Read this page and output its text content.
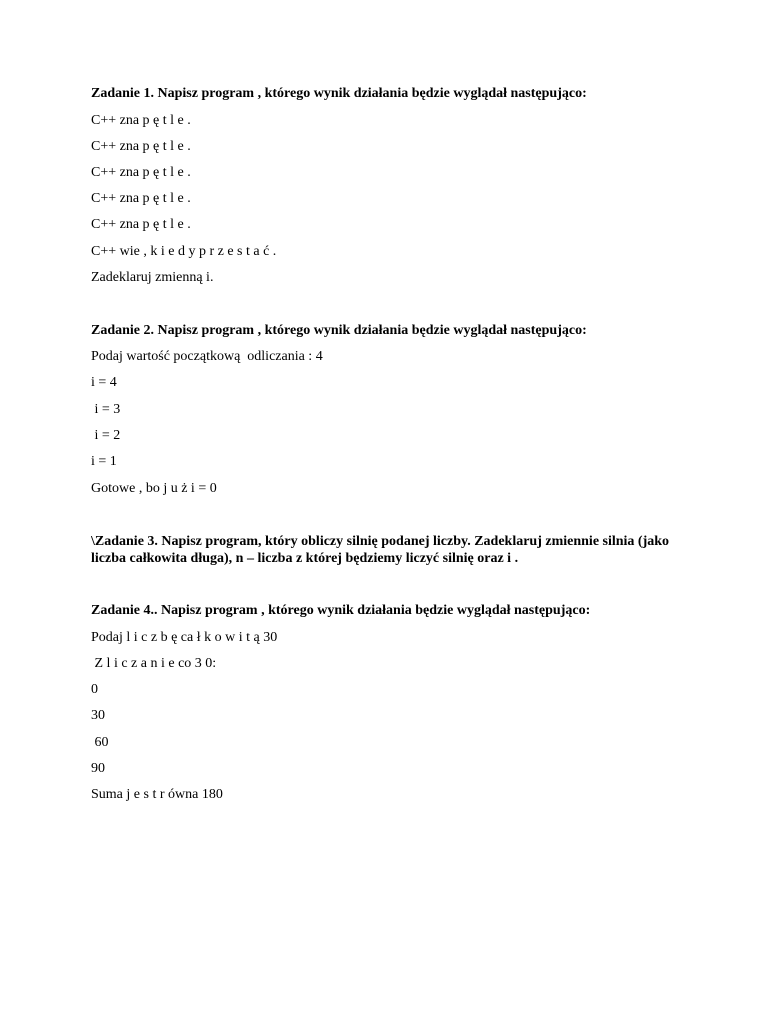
Zadanie 1. Napisz program , którego wynik działania będzie wyglądał następująco:
C++ zna p ę t l e .
C++ zna p ę t l e .
C++ zna p ę t l e .
C++ zna p ę t l e .
C++ zna p ę t l e .
C++ wie , k i e d y p r z e s t a ć .
Zadeklaruj zmienną i.
Zadanie 2. Napisz program , którego wynik działania będzie wyglądał następująco:
Podaj wartość początkową  odliczania : 4
i = 4
i = 3
i = 2
i = 1
Gotowe , bo j u ż i = 0
\Zadanie 3. Napisz program, który obliczy silnię podanej liczby. Zadeklaruj zmiennie silnia (jako liczba całkowita długa), n – liczba z której będziemy liczyć silnię oraz i .
Zadanie 4.. Napisz program , którego wynik działania będzie wyglądał następująco:
Podaj l i c z b ę ca ł k o w i t ą 30
Z l i c z a n i e co 3 0:
0
30
60
90
Suma j e s t r ówna 180
